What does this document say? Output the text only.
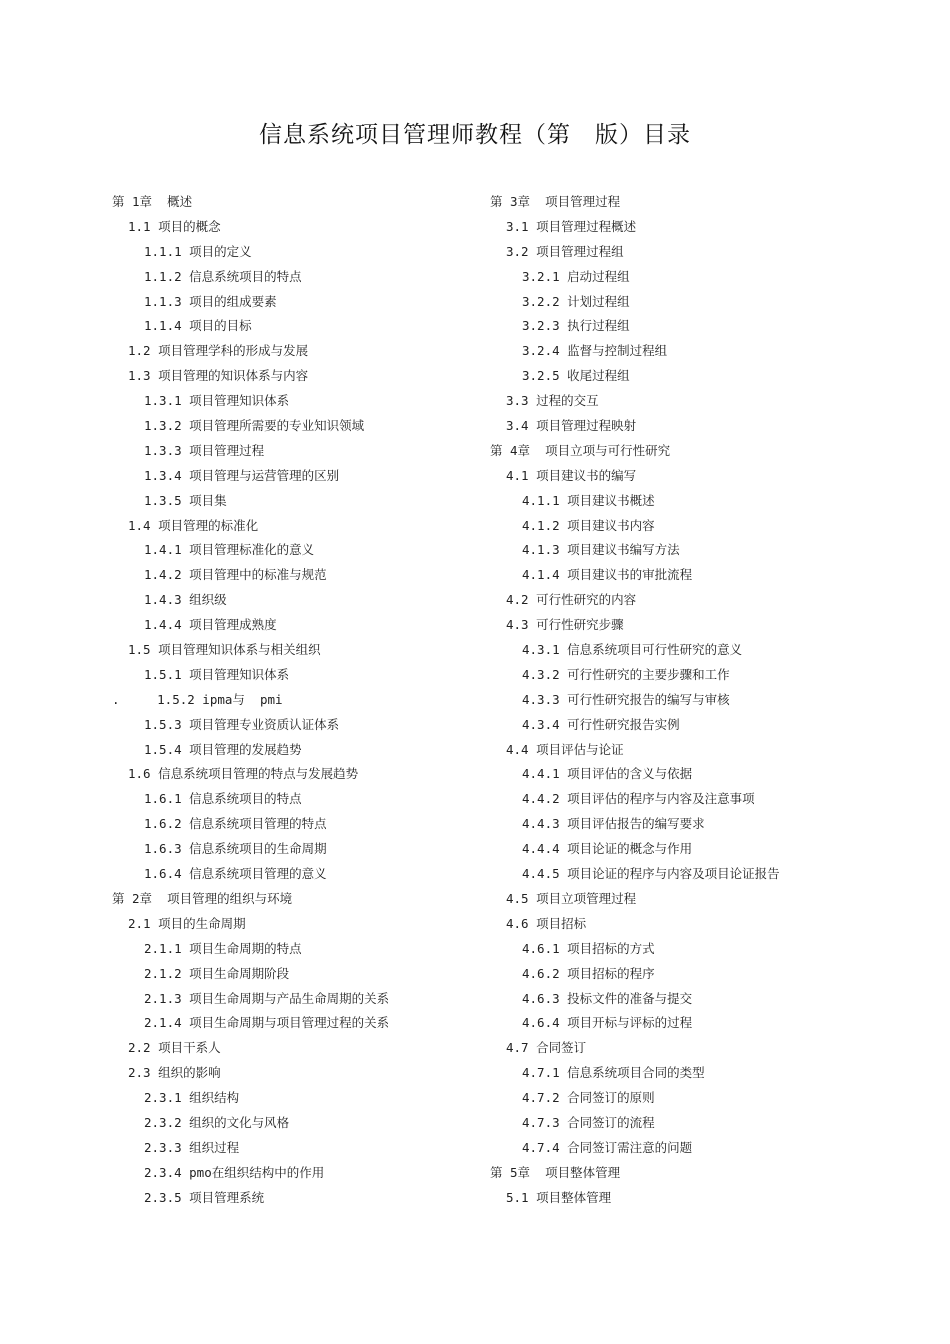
信息系统项目管理师教程（第　版）目录
第 1章  概述
1.1 项目的概念
1.1.1 项目的定义
1.1.2 信息系统项目的特点
1.1.3 项目的组成要素
1.1.4 项目的目标
1.2 项目管理学科的形成与发展
1.3 项目管理的知识体系与内容
1.3.1 项目管理知识体系
1.3.2 项目管理所需要的专业知识领域
1.3.3 项目管理过程
1.3.4 项目管理与运营管理的区别
1.3.5 项目集
1.4 项目管理的标准化
1.4.1 项目管理标准化的意义
1.4.2 项目管理中的标准与规范
1.4.3 组织级
1.4.4 项目管理成熟度
1.5 项目管理知识体系与相关组织
1.5.1 项目管理知识体系
.     1.5.2 ipma与  pmi
1.5.3 项目管理专业资质认证体系
1.5.4 项目管理的发展趋势
1.6 信息系统项目管理的特点与发展趋势
1.6.1 信息系统项目的特点
1.6.2 信息系统项目管理的特点
1.6.3 信息系统项目的生命周期
1.6.4 信息系统项目管理的意义
第 2章  项目管理的组织与环境
2.1 项目的生命周期
2.1.1 项目生命周期的特点
2.1.2 项目生命周期阶段
2.1.3 项目生命周期与产品生命周期的关系
2.1.4 项目生命周期与项目管理过程的关系
2.2 项目干系人
2.3 组织的影响
2.3.1 组织结构
2.3.2 组织的文化与风格
2.3.3 组织过程
2.3.4 pmo在组织结构中的作用
2.3.5 项目管理系统
第 3章  项目管理过程
3.1 项目管理过程概述
3.2 项目管理过程组
3.2.1 启动过程组
3.2.2 计划过程组
3.2.3 执行过程组
3.2.4 监督与控制过程组
3.2.5 收尾过程组
3.3 过程的交互
3.4 项目管理过程映射
第 4章  项目立项与可行性研究
4.1 项目建议书的编写
4.1.1 项目建议书概述
4.1.2 项目建议书内容
4.1.3 项目建议书编写方法
4.1.4 项目建议书的审批流程
4.2 可行性研究的内容
4.3 可行性研究步骤
4.3.1 信息系统项目可行性研究的意义
4.3.2 可行性研究的主要步骤和工作
4.3.3 可行性研究报告的编写与审核
4.3.4 可行性研究报告实例
4.4 项目评估与论证
4.4.1 项目评估的含义与依据
4.4.2 项目评估的程序与内容及注意事项
4.4.3 项目评估报告的编写要求
4.4.4 项目论证的概念与作用
4.4.5 项目论证的程序与内容及项目论证报告
4.5 项目立项管理过程
4.6 项目招标
4.6.1 项目招标的方式
4.6.2 项目招标的程序
4.6.3 投标文件的准备与提交
4.6.4 项目开标与评标的过程
4.7 合同签订
4.7.1 信息系统项目合同的类型
4.7.2 合同签订的原则
4.7.3 合同签订的流程
4.7.4 合同签订需注意的问题
第 5章  项目整体管理
5.1 项目整体管理
